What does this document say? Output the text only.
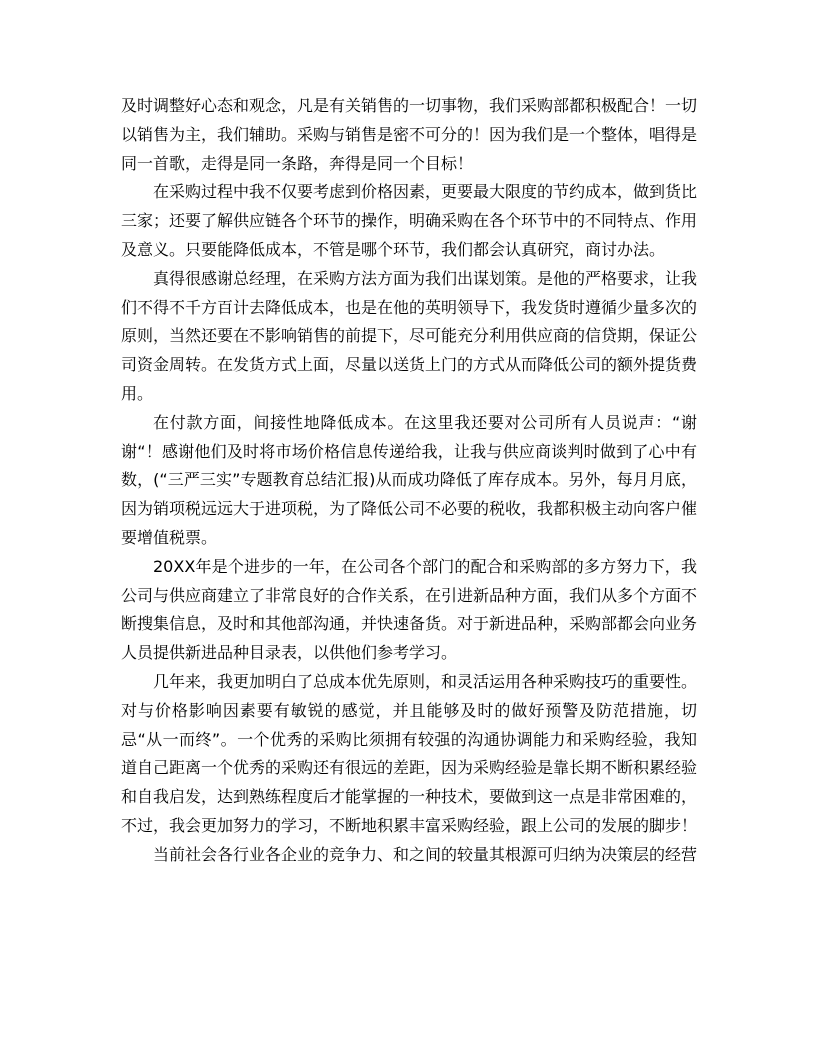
及时调整好心态和观念，凡是有关销售的一切事物，我们采购部都积极配合！一切以销售为主，我们辅助。采购与销售是密不可分的！因为我们是一个整体，唱得是同一首歌，走得是同一条路，奔得是同一个目标！

在采购过程中我不仅要考虑到价格因素，更要最大限度的节约成本，做到货比三家；还要了解供应链各个环节的操作，明确采购在各个环节中的不同特点、作用及意义。只要能降低成本，不管是哪个环节，我们都会认真研究，商讨办法。

真得很感谢总经理，在采购方法方面为我们出谋划策。是他的严格要求，让我们不得不千方百计去降低成本，也是在他的英明领导下，我发货时遵循少量多次的原则，当然还要在不影响销售的前提下，尽可能充分利用供应商的信贷期，保证公司资金周转。在发货方式上面，尽量以送货上门的方式从而降低公司的额外提货费用。

在付款方面，间接性地降低成本。在这里我还要对公司所有人员说声：“谢谢“！感谢他们及时将市场价格信息传递给我，让我与供应商谈判时做到了心中有数，(“三严三实”专题教育总结汇报)从而成功降低了库存成本。另外，每月月底，因为销项税远远大于进项税，为了降低公司不必要的税收，我都积极主动向客户催要增值税票。

20XX年是个进步的一年，在公司各个部门的配合和采购部的多方努力下，我公司与供应商建立了非常良好的合作关系，在引进新品种方面，我们从多个方面不断搜集信息，及时和其他部沟通，并快速备货。对于新进品种，采购部都会向业务人员提供新进品种目录表，以供他们参考学习。

几年来，我更加明白了总成本优先原则，和灵活运用各种采购技巧的重要性。对与价格影响因素要有敏锐的感觉，并且能够及时的做好预警及防范措施，切忌“从一而终”。一个优秀的采购比须拥有较强的沟通协调能力和采购经验，我知道自己距离一个优秀的采购还有很远的差距，因为采购经验是靠长期不断积累经验和自我启发，达到熟练程度后才能掌握的一种技术，要做到这一点是非常困难的，不过，我会更加努力的学习，不断地积累丰富采购经验，跟上公司的发展的脚步！

当前社会各行业各企业的竞争力、和之间的较量其根源可归纳为决策层的经营
